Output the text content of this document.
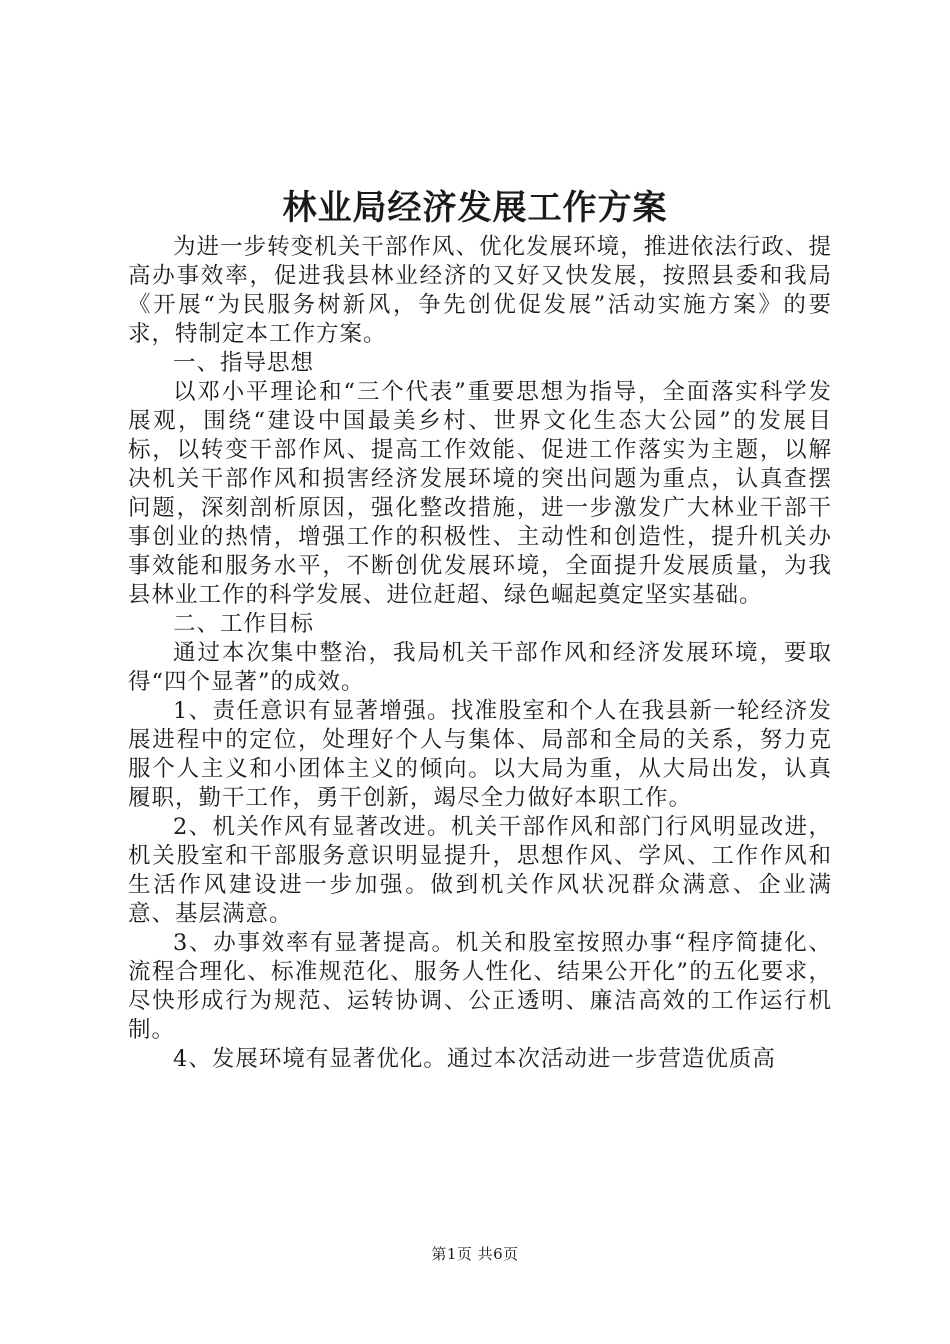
林业局经济发展工作方案

为进一步转变机关干部作风、优化发展环境，推进依法行政、提高办事效率，促进我县林业经济的又好又快发展，按照县委和我局《开展“为民服务树新风，争先创优促发展”活动实施方案》的要求，特制定本工作方案。

一、指导思想

以邓小平理论和“三个代表”重要思想为指导，全面落实科学发展观，围绕“建设中国最美乡村、世界文化生态大公园”的发展目标，以转变干部作风、提高工作效能、促进工作落实为主题，以解决机关干部作风和损害经济发展环境的突出问题为重点，认真查摆问题，深刻剖析原因，强化整改措施，进一步激发广大林业干部干事创业的热情，增强工作的积极性、主动性和创造性，提升机关办事效能和服务水平，不断创优发展环境，全面提升发展质量，为我县林业工作的科学发展、进位赶超、绿色崛起奠定坚实基础。

二、工作目标

通过本次集中整治，我局机关干部作风和经济发展环境，要取得“四个显著”的成效。

1、责任意识有显著增强。找准股室和个人在我县新一轮经济发展进程中的定位，处理好个人与集体、局部和全局的关系，努力克服个人主义和小团体主义的倾向。以大局为重，从大局出发，认真履职，勤干工作，勇干创新，竭尽全力做好本职工作。

2、机关作风有显著改进。机关干部作风和部门行风明显改进，机关股室和干部服务意识明显提升，思想作风、学风、工作作风和生活作风建设进一步加强。做到机关作风状况群众满意、企业满意、基层满意。

3、办事效率有显著提高。机关和股室按照办事“程序简捷化、流程合理化、标准规范化、服务人性化、结果公开化”的五化要求，尽快形成行为规范、运转协调、公正透明、廉洁高效的工作运行机制。

4、发展环境有显著优化。通过本次活动进一步营造优质高

第1页 共6页
